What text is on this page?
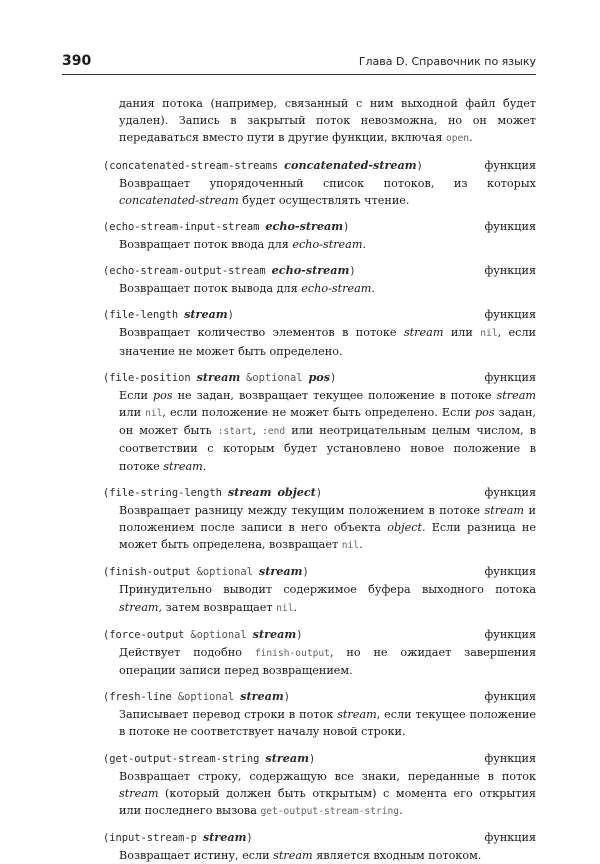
390	Глава D. Справочник по языку

дания потока (например, связанный с ним выходной файл будет удален). Запись в закрытый поток невозможна, но он может передаваться вместо пути в другие функции, включая open.

(concatenated-stream-streams concatenated-stream)	функция

Возвращает упорядоченный список потоков, из которых concatenated-stream будет осуществлять чтение.

(echo-stream-input-stream echo-stream)	функция

Возвращает поток ввода для echo-stream.

(echo-stream-output-stream echo-stream)	функция

Возвращает поток вывода для echo-stream.

(file-length stream)	функция

Возвращает количество элементов в потоке stream или nil, если значение не может быть определено.

(file-position stream &optional pos)	функция

Если pos не задан, возвращает текущее положение в потоке stream или nil, если положение не может быть определено. Если pos задан, он может быть :start, :end или неотрицательным целым числом, в соответствии с которым будет установлено новое положение в потоке stream.

(file-string-length stream object)	функция

Возвращает разницу между текущим положением в потоке stream и положением после записи в него объекта object. Если разница не может быть определена, возвращает nil.

(finish-output &optional stream)	функция

Принудительно выводит содержимое буфера выходного потока stream, затем возвращает nil.

(force-output &optional stream)	функция

Действует подобно finish-output, но не ожидает завершения операции записи перед возвращением.

(fresh-line &optional stream)	функция

Записывает перевод строки в поток stream, если текущее положение в потоке не соответствует началу новой строки.

(get-output-stream-string stream)	функция

Возвращает строку, содержащую все знаки, переданные в поток stream (который должен быть открытым) с момента его открытия или последнего вызова get-output-stream-string.

(input-stream-p stream)	функция

Возвращает истину, если stream является входным потоком.
